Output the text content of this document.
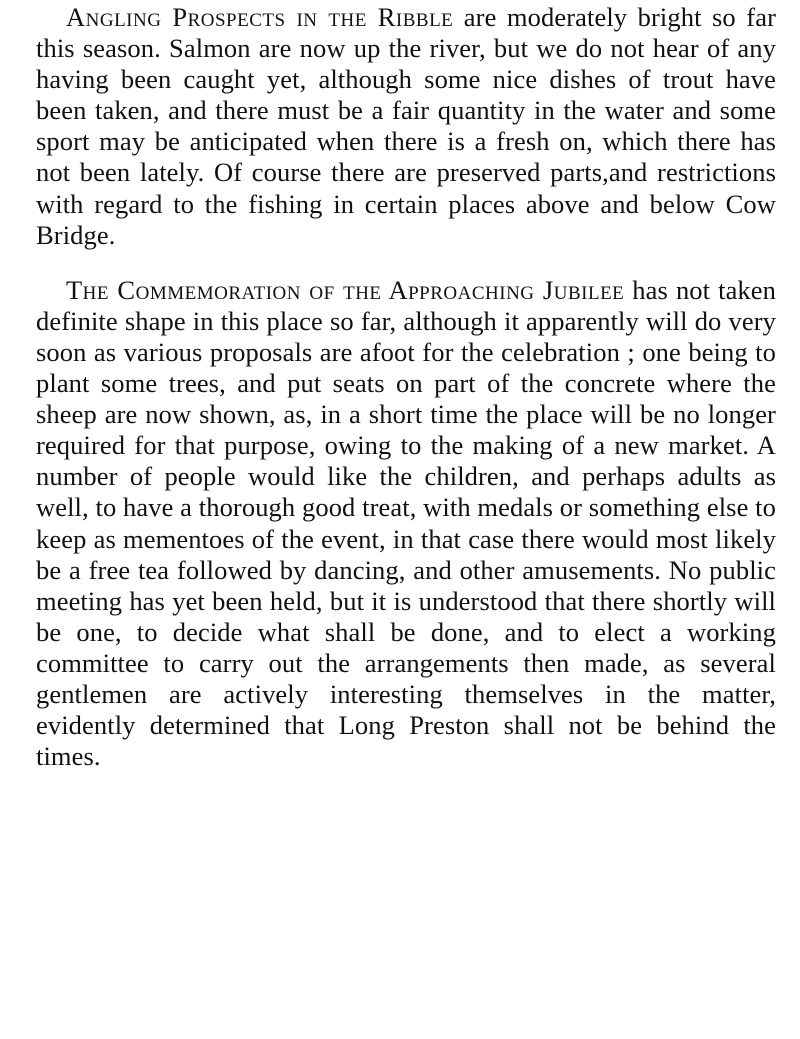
Angling Prospects in the Ribble are moderately bright so far this season. Salmon are now up the river, but we do not hear of any having been caught yet, although some nice dishes of trout have been taken, and there must be a fair quantity in the water and some sport may be anticipated when there is a fresh on, which there has not been lately. Of course there are preserved parts,and restrictions with regard to the fishing in certain places above and below Cow Bridge.

The Commemoration of the Approaching Jubilee has not taken definite shape in this place so far, although it apparently will do very soon as various proposals are afoot for the celebration ; one being to plant some trees, and put seats on part of the concrete where the sheep are now shown, as, in a short time the place will be no longer required for that purpose, owing to the making of a new market. A number of people would like the children, and perhaps adults as well, to have a thorough good treat, with medals or something else to keep as mementoes of the event, in that case there would most likely be a free tea followed by dancing, and other amusements. No public meeting has yet been held, but it is understood that there shortly will be one, to decide what shall be done, and to elect a working committee to carry out the arrangements then made, as several gentlemen are actively interesting themselves in the matter, evidently determined that Long Preston shall not be behind the times.
